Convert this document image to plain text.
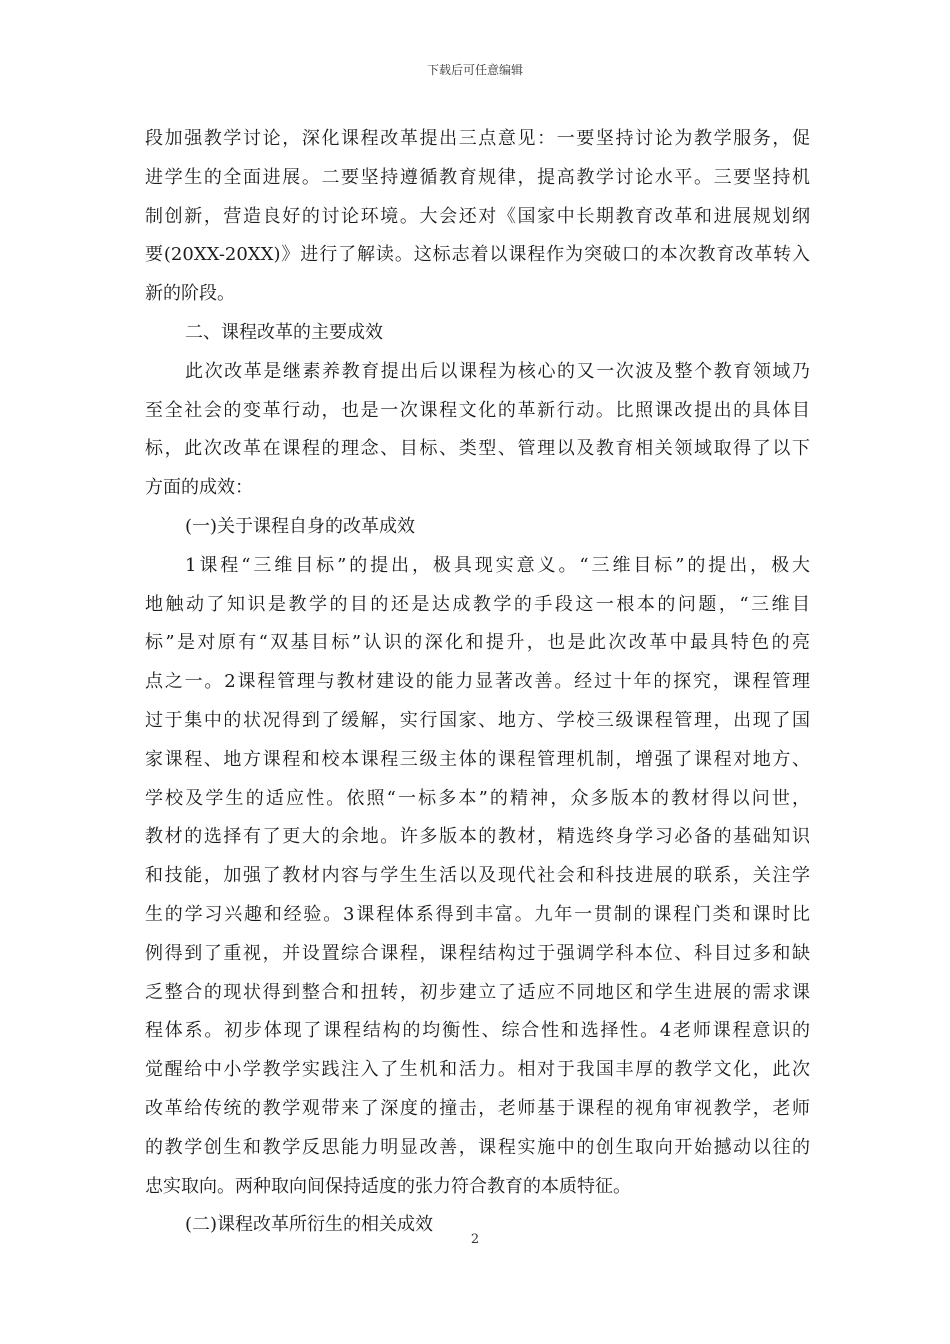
下载后可任意编辑
段加强教学讨论，深化课程改革提出三点意见：一要坚持讨论为教学服务，促
进学生的全面进展。二要坚持遵循教育规律，提高教学讨论水平。三要坚持机
制创新，营造良好的讨论环境。大会还对《国家中长期教育改革和进展规划纲
要(20XX-20XX)》进行了解读。这标志着以课程作为突破口的本次教育改革转入
新的阶段。
二、课程改革的主要成效
此次改革是继素养教育提出后以课程为核心的又一次波及整个教育领域乃
至全社会的变革行动，也是一次课程文化的革新行动。比照课改提出的具体目
标，此次改革在课程的理念、目标、类型、管理以及教育相关领域取得了以下
方面的成效：
(一)关于课程自身的改革成效
1课程“三维目标”的提出，极具现实意义。“三维目标”的提出，极大
地触动了知识是教学的目的还是达成教学的手段这一根本的问题，“三维目
标”是对原有“双基目标”认识的深化和提升，也是此次改革中最具特色的亮
点之一。2课程管理与教材建设的能力显著改善。经过十年的探究，课程管理
过于集中的状况得到了缓解，实行国家、地方、学校三级课程管理，出现了国
家课程、地方课程和校本课程三级主体的课程管理机制，增强了课程对地方、
学校及学生的适应性。依照“一标多本”的精神，众多版本的教材得以问世，
教材的选择有了更大的余地。许多版本的教材，精选终身学习必备的基础知识
和技能，加强了教材内容与学生生活以及现代社会和科技进展的联系，关注学
生的学习兴趣和经验。3课程体系得到丰富。九年一贯制的课程门类和课时比
例得到了重视，并设置综合课程，课程结构过于强调学科本位、科目过多和缺
乏整合的现状得到整合和扭转，初步建立了适应不同地区和学生进展的需求课
程体系。初步体现了课程结构的均衡性、综合性和选择性。4老师课程意识的
觉醒给中小学教学实践注入了生机和活力。相对于我国丰厚的教学文化，此次
改革给传统的教学观带来了深度的撞击，老师基于课程的视角审视教学，老师
的教学创生和教学反思能力明显改善，课程实施中的创生取向开始撼动以往的
忠实取向。两种取向间保持适度的张力符合教育的本质特征。
(二)课程改革所衍生的相关成效
2
